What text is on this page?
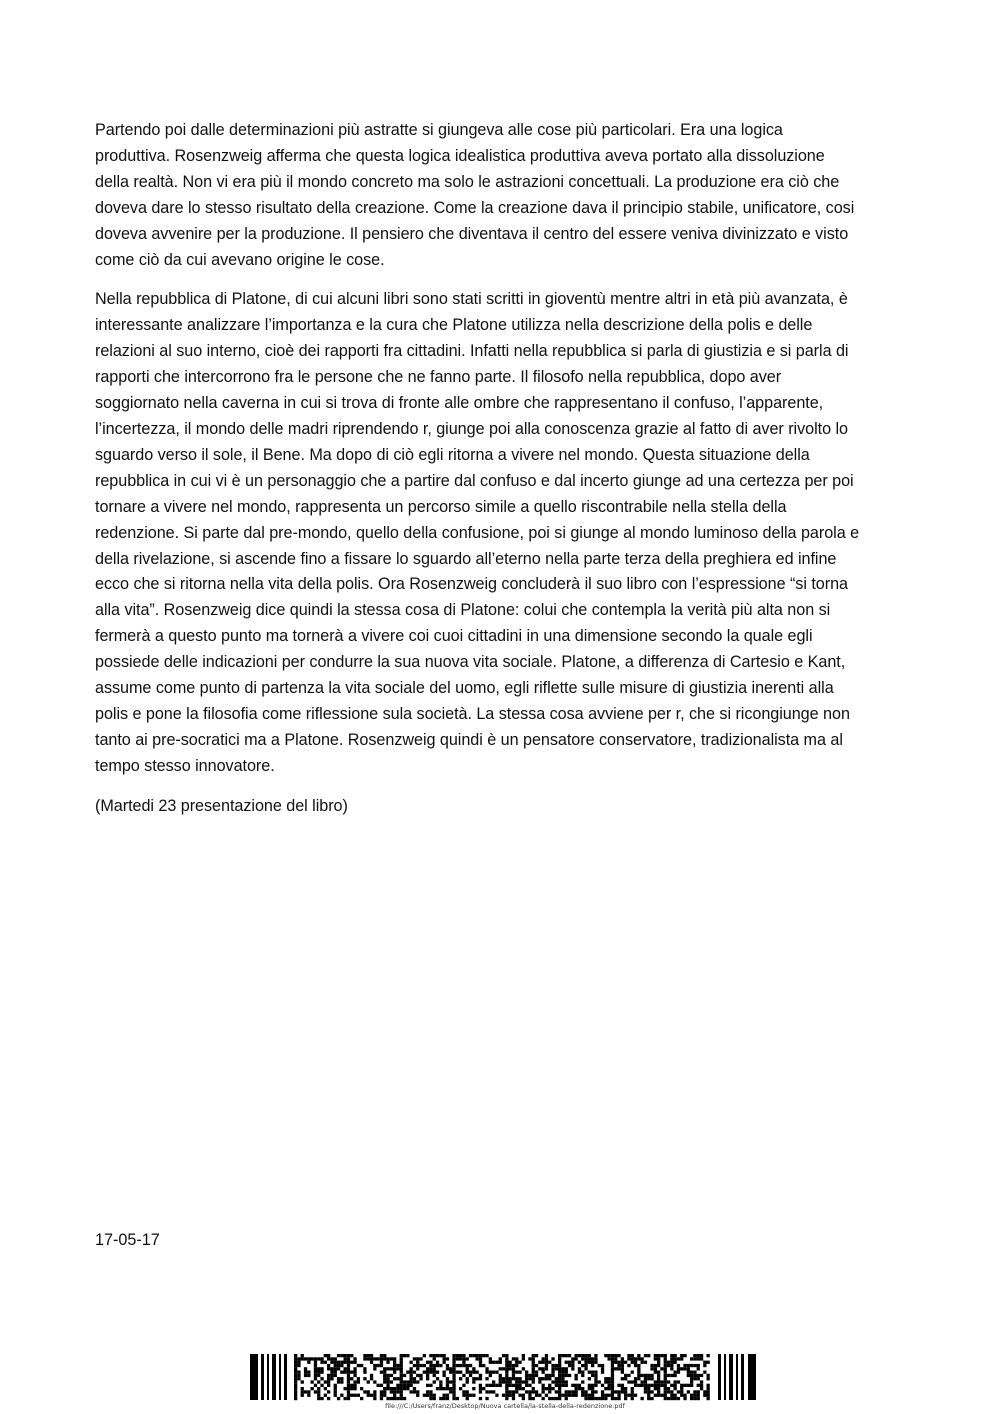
Partendo poi dalle determinazioni più astratte si giungeva alle cose più particolari. Era una logica
produttiva. Rosenzweig afferma che questa logica idealistica produttiva aveva portato alla dissoluzione
della realtà. Non vi era più il mondo concreto ma solo le astrazioni concettuali. La produzione era ciò che
doveva dare lo stesso risultato della creazione. Come la creazione dava il principio stabile, unificatore, cosi
doveva avvenire per la produzione. Il pensiero che diventava il centro del essere veniva divinizzato e visto
come ciò da cui avevano origine le cose.

Nella repubblica di Platone, di cui alcuni libri sono stati scritti in gioventù mentre altri in età più avanzata, è
interessante analizzare l’importanza e la cura che Platone utilizza nella descrizione della polis e delle
relazioni al suo interno, cioè dei rapporti fra cittadini. Infatti nella repubblica si parla di giustizia e si parla di
rapporti che intercorrono fra le persone che ne fanno parte. Il filosofo nella repubblica, dopo aver
soggiornato nella caverna in cui si trova di fronte alle ombre che rappresentano il confuso, l’apparente,
l’incertezza, il mondo delle madri riprendendo r, giunge poi alla conoscenza grazie al fatto di aver rivolto lo
sguardo verso il sole, il Bene. Ma dopo di ciò egli ritorna a vivere nel mondo. Questa situazione della
repubblica in cui vi è un personaggio che a partire dal confuso e dal incerto giunge ad una certezza per poi
tornare a vivere nel mondo, rappresenta un percorso simile a quello riscontrabile nella stella della
redenzione. Si parte dal pre-mondo, quello della confusione, poi si giunge al mondo luminoso della parola e
della rivelazione, si ascende fino a fissare lo sguardo all’eterno nella parte terza della preghiera ed infine
ecco che si ritorna nella vita della polis. Ora Rosenzweig concluderà il suo libro con l’espressione “si torna
alla vita”. Rosenzweig dice quindi la stessa cosa di Platone: colui che contempla la verità più alta non si
fermerà a questo punto ma tornerà a vivere coi cuoi cittadini in una dimensione secondo la quale egli
possiede delle indicazioni per condurre la sua nuova vita sociale. Platone, a differenza di Cartesio e Kant,
assume come punto di partenza la vita sociale del uomo, egli riflette sulle misure di giustizia inerenti alla
polis e pone la filosofia come riflessione sula società. La stessa cosa avviene per r, che si ricongiunge non
tanto ai pre-socratici ma a Platone. Rosenzweig quindi è un pensatore conservatore, tradizionalista ma al
tempo stesso innovatore.

(Martedi 23 presentazione del libro)

17-05-17

file:///C:/Users/franz/Desktop/Nuova cartella/la-stella-della-redenzione.pdf
